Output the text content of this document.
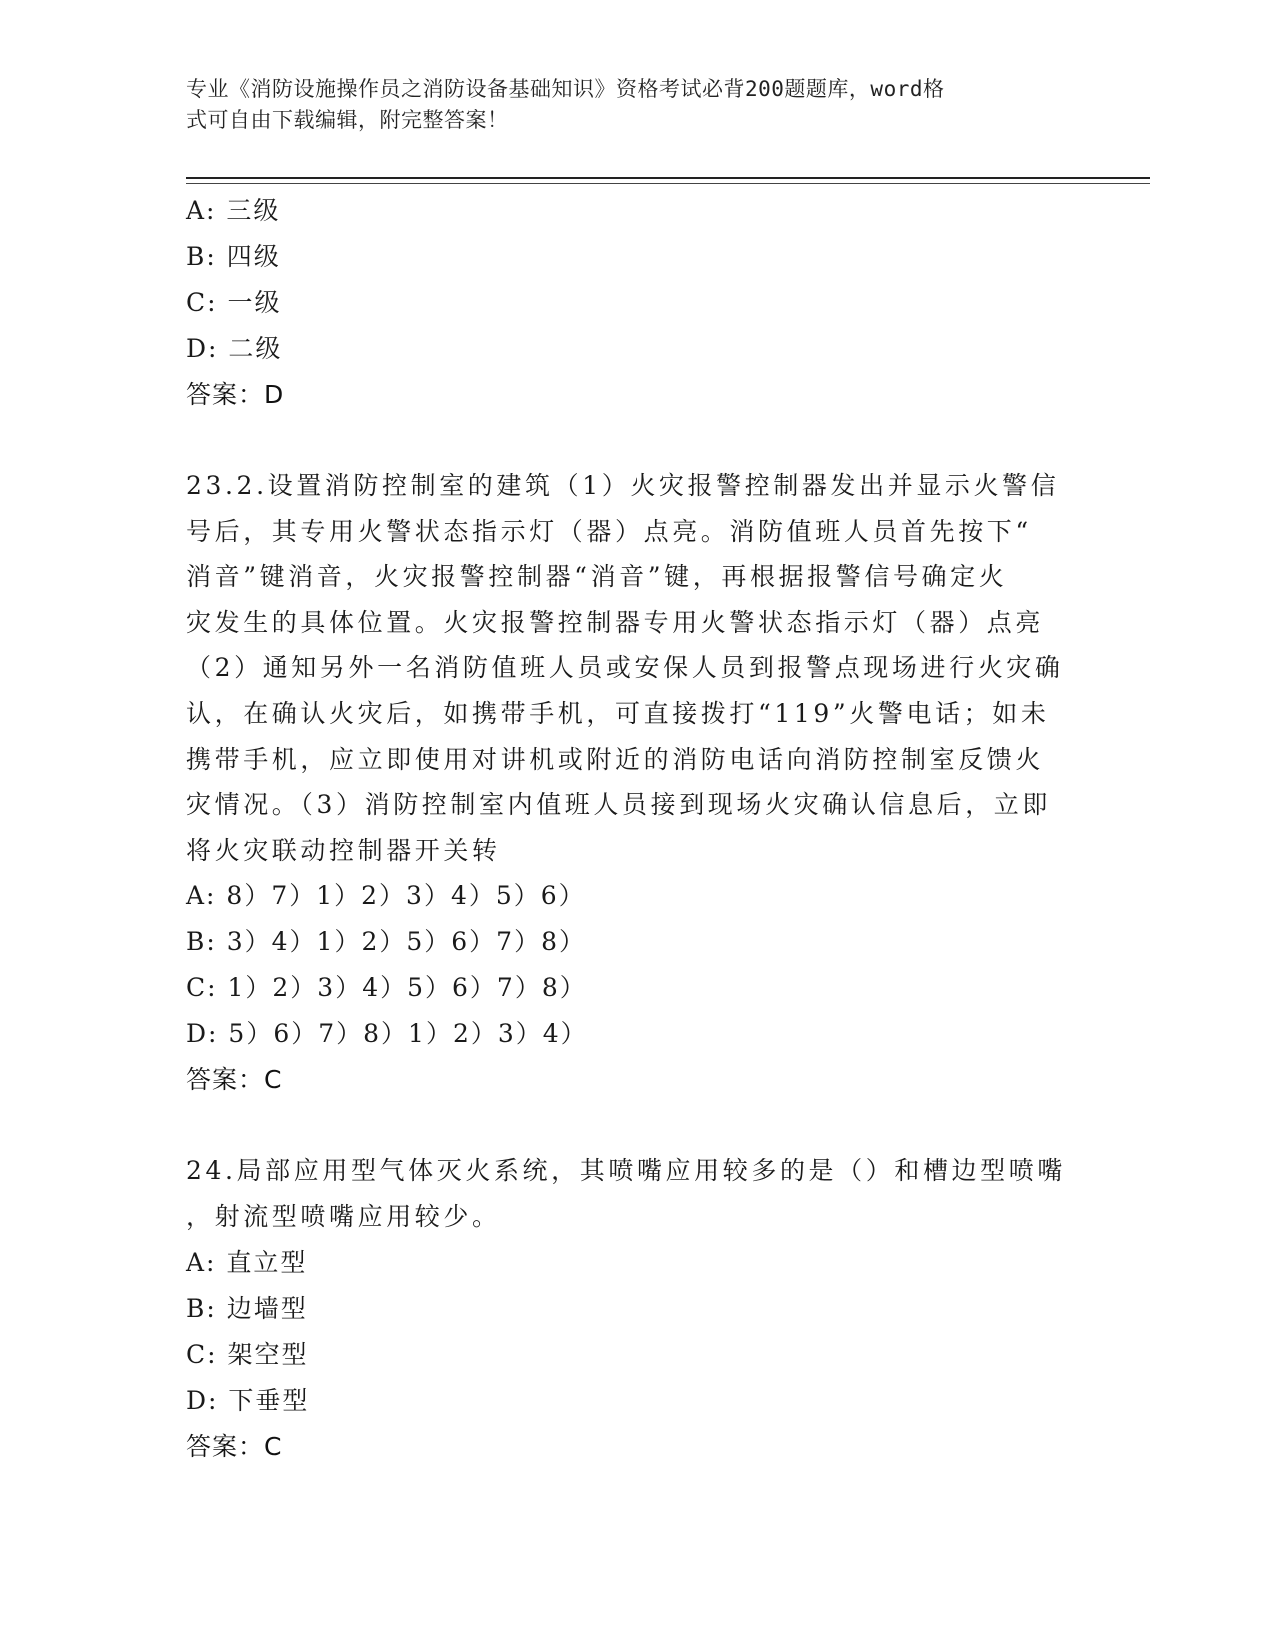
专业《消防设施操作员之消防设备基础知识》资格考试必背200题题库，word格
式可自由下载编辑，附完整答案！
A: 三级
B: 四级
C: 一级
D: 二级
答案：D
23.2.设置消防控制室的建筑（1）火灾报警控制器发出并显示火警信
号后，其专用火警状态指示灯（器）点亮。消防值班人员首先按下“
消音”键消音，火灾报警控制器“消音”键，再根据报警信号确定火
灾发生的具体位置。火灾报警控制器专用火警状态指示灯（器）点亮
（2）通知另外一名消防值班人员或安保人员到报警点现场进行火灾确
认，在确认火灾后，如携带手机，可直接拨打“119”火警电话；如未
携带手机，应立即使用对讲机或附近的消防电话向消防控制室反馈火
灾情况。（3）消防控制室内值班人员接到现场火灾确认信息后，立即
将火灾联动控制器开关转
A: 8）7）1）2）3）4）5）6）
B: 3）4）1）2）5）6）7）8）
C: 1）2）3）4）5）6）7）8）
D: 5）6）7）8）1）2）3）4）
答案：C
24.局部应用型气体灭火系统，其喷嘴应用较多的是（）和槽边型喷嘴
，射流型喷嘴应用较少。
A: 直立型
B: 边墙型
C: 架空型
D: 下垂型
答案：C
